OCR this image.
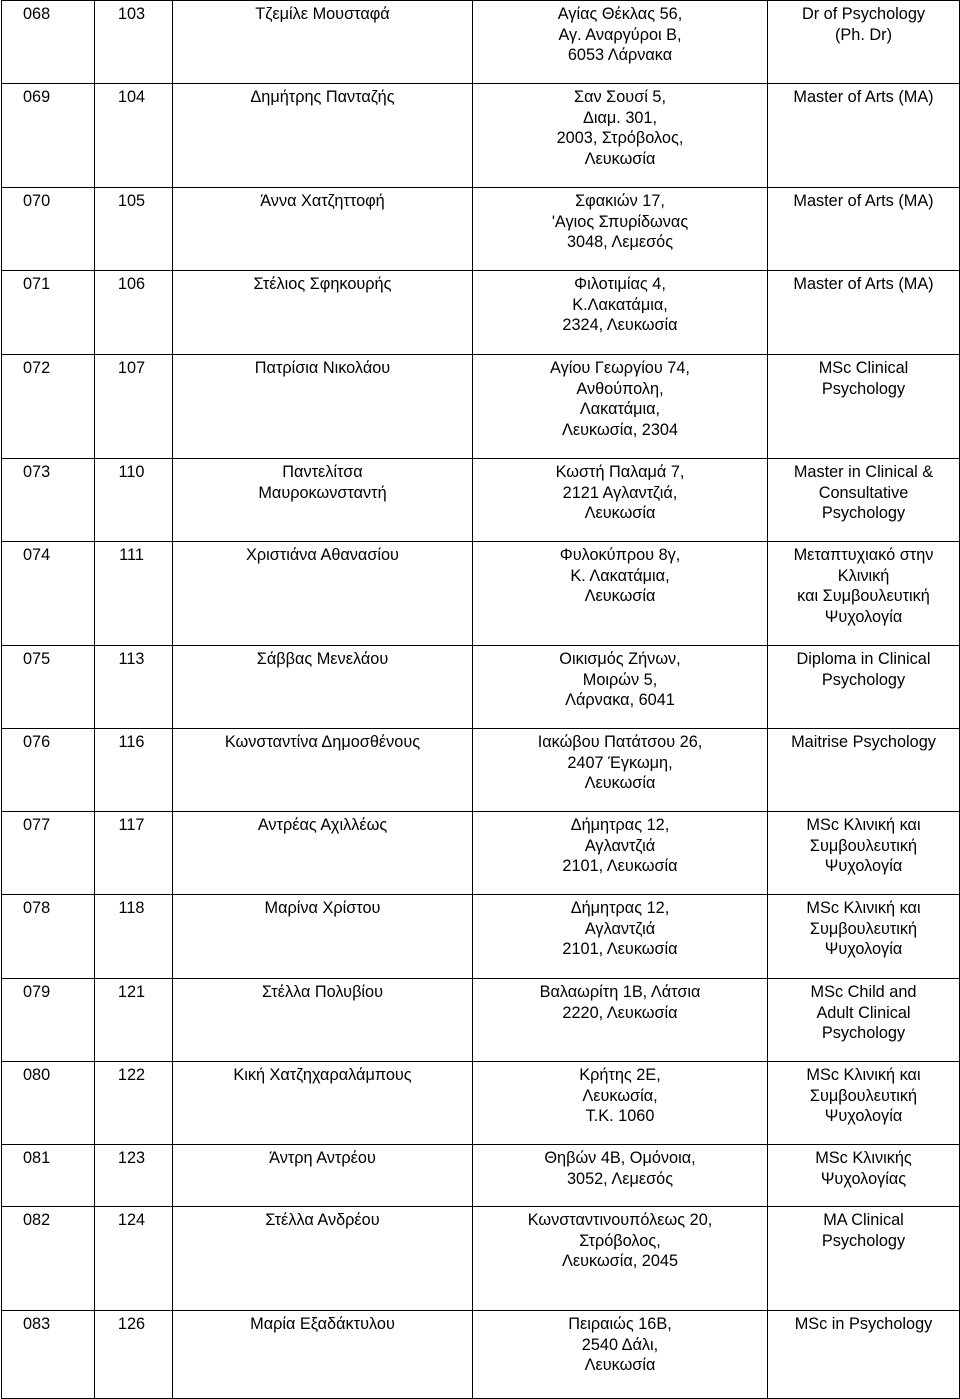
068	103	Τζεμίλε Μουσταφά	Αγίας Θέκλας 56,
Αγ. Αναργύροι Β,
6053 Λάρνακα	Dr of Psychology
(Ph. Dr)
069	104	Δημήτρης Πανταζής	Σαν Σουσί 5,
Διαμ. 301,
2003, Στρόβολος,
Λευκωσία	Master of Arts (MA)
070	105	Άννα Χατζηττοφή	Σφακιών 17,
'Αγιος Σπυρίδωνας
3048, Λεμεσός	Master of Arts (MA)
071	106	Στέλιος Σφηκουρής	Φιλοτιμίας 4,
Κ.Λακατάμια,
2324, Λευκωσία	Master of Arts (MA)
072	107	Πατρίσια Νικολάου	Αγίου Γεωργίου 74,
Ανθούπολη,
Λακατάμια,
Λευκωσία, 2304	MSc Clinical
Psychology
073	110	Παντελίτσα
Μαυροκωνσταντή	Κωστή Παλαμά 7,
2121 Αγλαντζιά,
Λευκωσία	Master in Clinical &
Consultative
Psychology
074	111	Χριστιάνα Αθανασίου	Φυλοκύπρου 8γ,
Κ. Λακατάμια,
Λευκωσία	Μεταπτυχιακό στην
Κλινική
και Συμβουλευτική
Ψυχολογία
075	113	Σάββας Μενελάου	Οικισμός Ζήνων,
Μοιρών 5,
Λάρνακα, 6041	Diploma in Clinical
Psychology
076	116	Κωνσταντίνα Δημοσθένους	Ιακώβου Πατάτσου 26,
2407 Έγκωμη,
Λευκωσία	Maitrise Psychology
077	117	Αντρέας Αχιλλέως	Δήμητρας 12,
Αγλαντζιά
2101, Λευκωσία	MSc Κλινική και
Συμβουλευτική
Ψυχολογία
078	118	Μαρίνα Χρίστου	Δήμητρας 12,
Αγλαντζιά
2101, Λευκωσία	MSc Κλινική και
Συμβουλευτική
Ψυχολογία
079	121	Στέλλα Πολυβίου	Βαλαωρίτη 1Β, Λάτσια
2220, Λευκωσία	MSc Child and
Adult Clinical
Psychology
080	122	Κική Χατζηχαραλάμπους	Κρήτης 2Ε,
Λευκωσία,
Τ.Κ. 1060	MSc Κλινική και
Συμβουλευτική
Ψυχολογία
081	123	Άντρη Αντρέου	Θηβών 4Β, Ομόνοια,
3052, Λεμεσός	MSc Κλινικής
Ψυχολογίας
082	124	Στέλλα Ανδρέου	Κωνσταντινουπόλεως 20,
Στρόβολος,
Λευκωσία, 2045	MA Clinical
Psychology
083	126	Μαρία Εξαδάκτυλου	Πειραιώς 16Β,
2540 Δάλι,
Λευκωσία	MSc in Psychology
